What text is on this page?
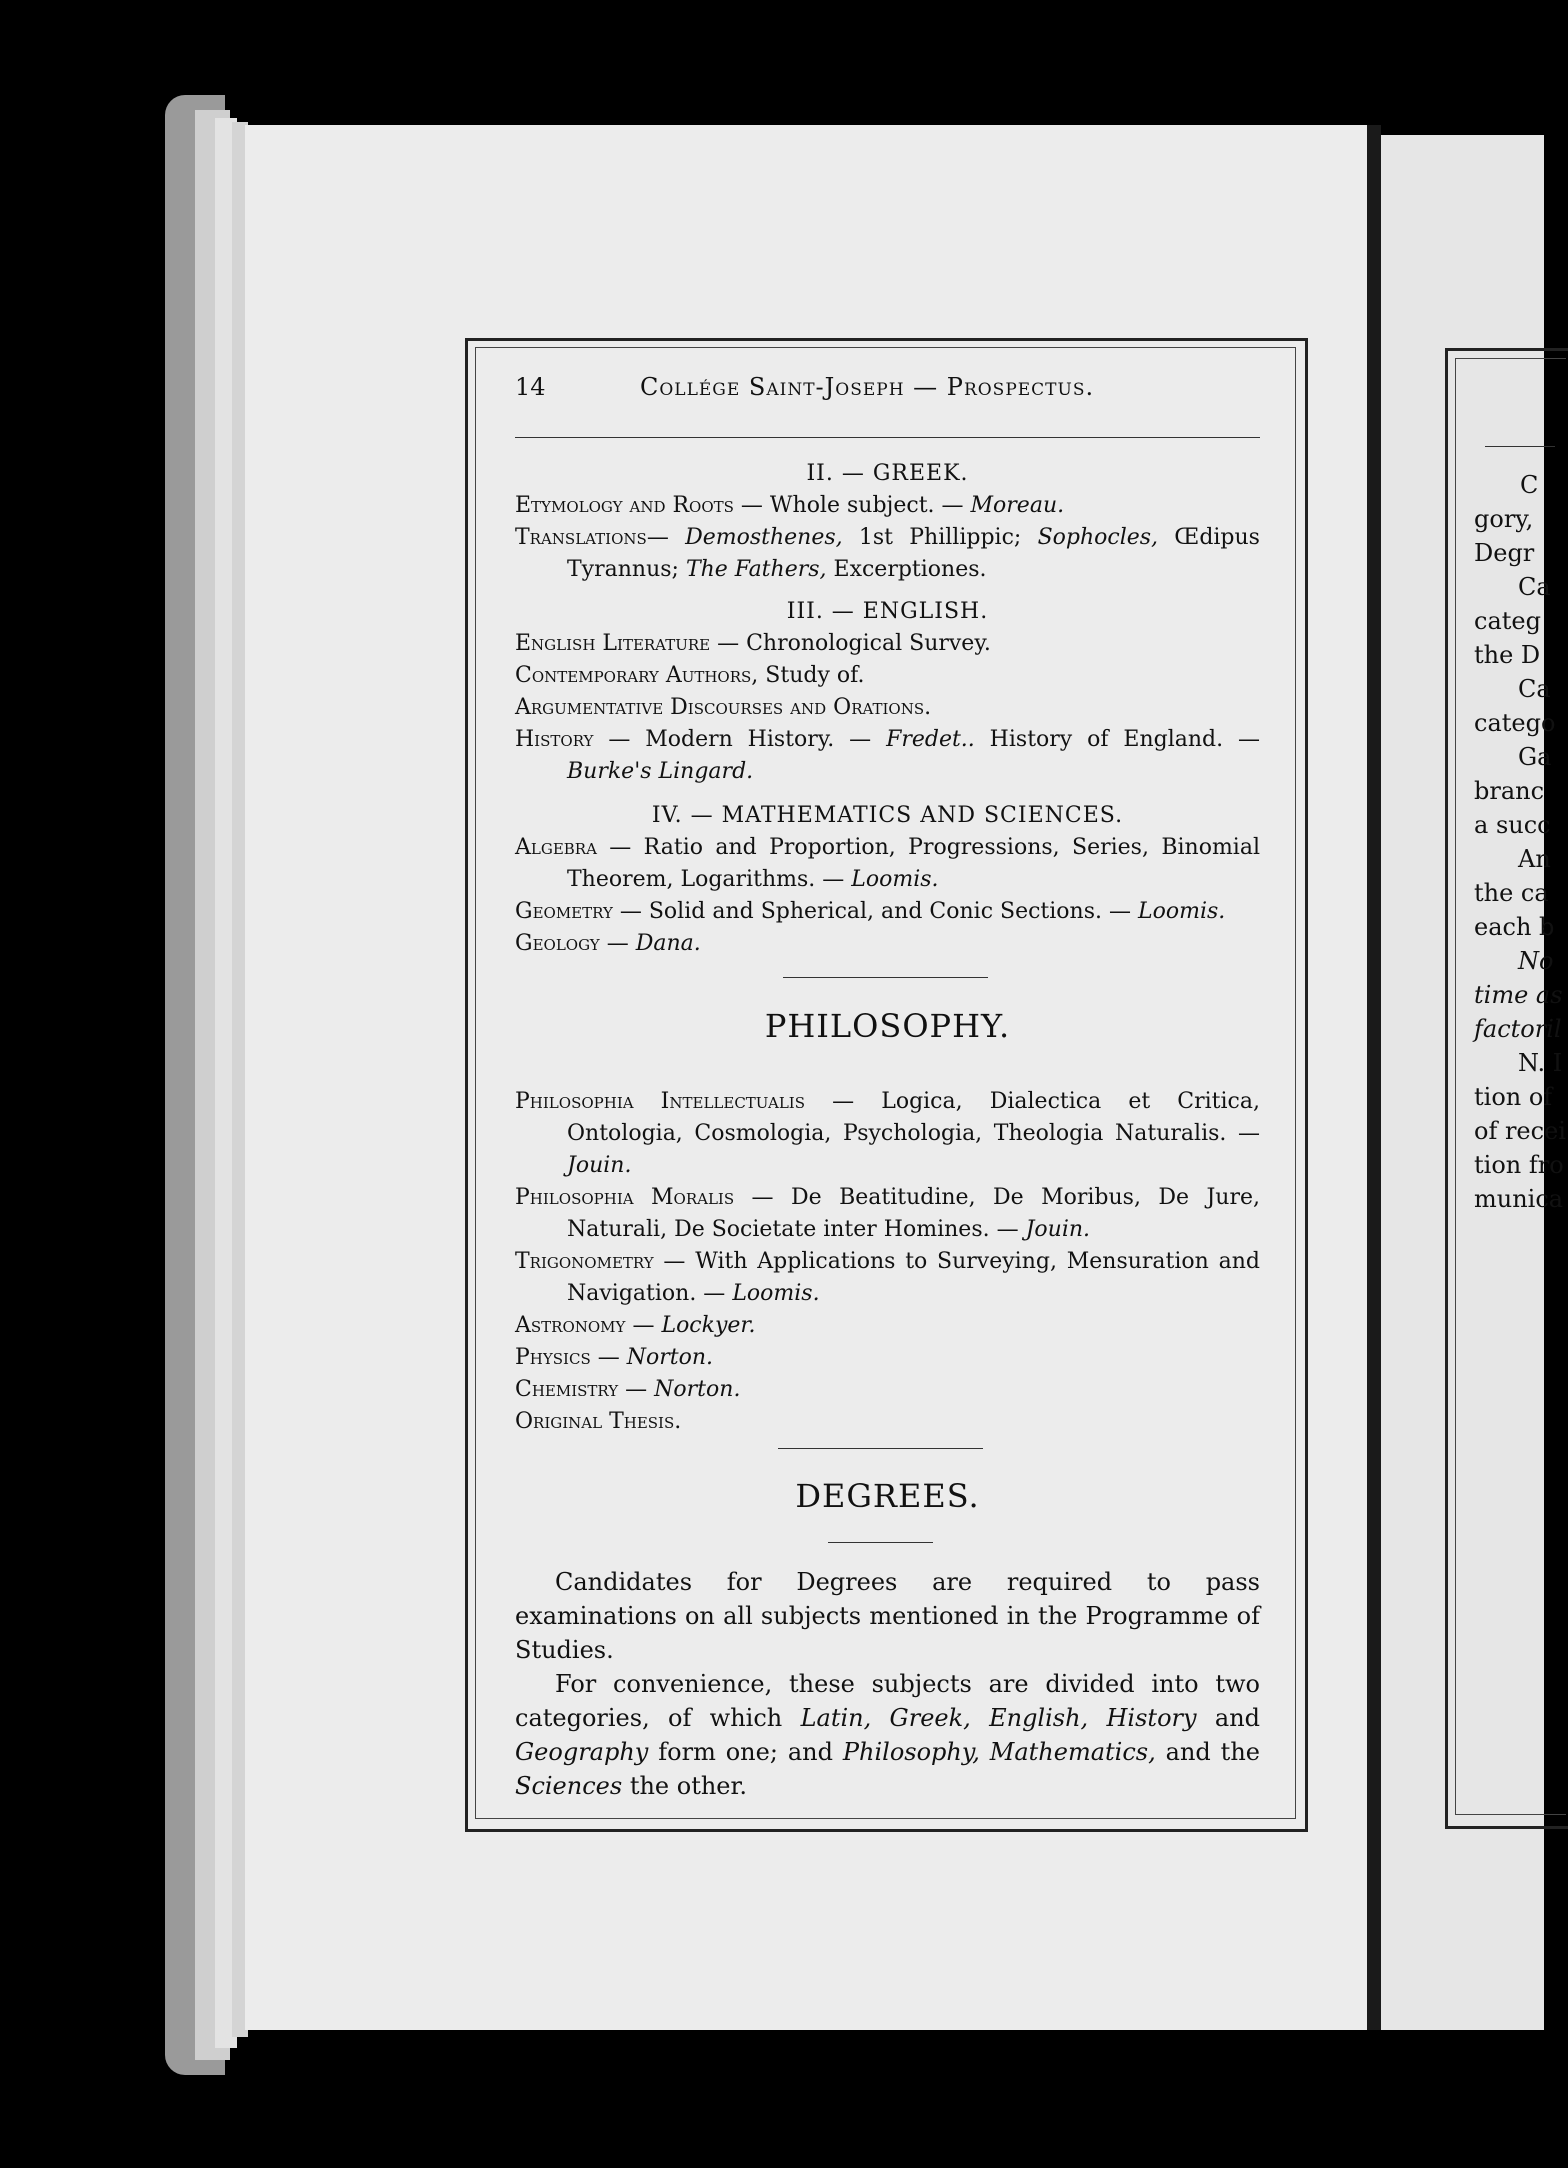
14	Collége Saint-Joseph — Prospectus.
II. — GREEK.
Etymology and Roots — Whole subject. — Moreau.
Translations— Demosthenes, 1st Phillippic; Sophocles, Œdipus Tyrannus; The Fathers, Excerptiones.
III. — ENGLISH.
English Literature — Chronological Survey.
Contemporary Authors, Study of.
Argumentative Discourses and Orations.
History — Modern History. — Fredet.. History of England. — Burke's Lingard.
IV. — MATHEMATICS AND SCIENCES.
Algebra — Ratio and Proportion, Progressions, Series, Binomial Theorem, Logarithms. — Loomis.
Geometry — Solid and Spherical, and Conic Sections. — Loomis.
Geology — Dana.
PHILOSOPHY.
Philosophia Intellectualis — Logica, Dialectica et Critica, Ontologia, Cosmologia, Psychologia, Theologia Naturalis. — Jouin.
Philosophia Moralis — De Beatitudine, De Moribus, De Jure, Naturali, De Societate inter Homines. — Jouin.
Trigonometry — With Applications to Surveying, Mensuration and Navigation. — Loomis.
Astronomy — Lockyer.
Physics — Norton.
Chemistry — Norton.
Original Thesis.
DEGREES.
Candidates for Degrees are required to pass examinations on all subjects mentioned in the Programme of Studies.
For convenience, these subjects are divided into two categories, of which Latin, Greek, English, History and Geography form one; and Philosophy, Mathematics, and the Sciences the other.
C
gory,
Degr
Ca
categ
the D
Ca
catego
Ga
branc
a succ
An
the ca
each b
No
time as
factoril
N. I
tion of
of recei
tion fro
munica
